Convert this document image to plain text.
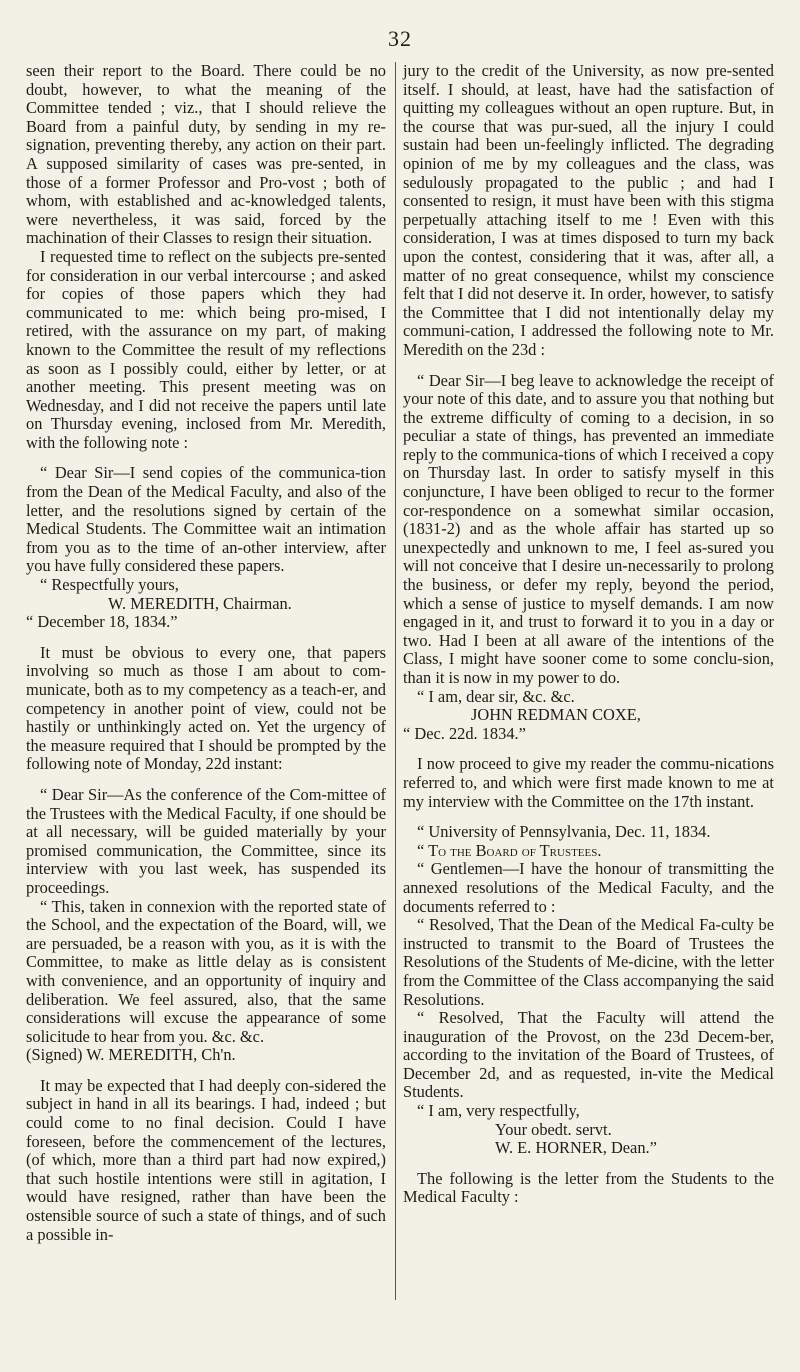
32

seen their report to the Board. There could be no doubt, however, to what the meaning of the Committee tended ; viz., that I should relieve the Board from a painful duty, by sending in my re-signation, preventing thereby, any action on their part. A supposed similarity of cases was pre-sented, in those of a former Professor and Pro-vost ; both of whom, with established and ac-knowledged talents, were nevertheless, it was said, forced by the machination of their Classes to resign their situation.

I requested time to reflect on the subjects pre-sented for consideration in our verbal intercourse ; and asked for copies of those papers which they had communicated to me: which being pro-mised, I retired, with the assurance on my part, of making known to the Committee the result of my reflections as soon as I possibly could, either by letter, or at another meeting. This present meeting was on Wednesday, and I did not receive the papers until late on Thursday evening, inclosed from Mr. Meredith, with the following note :

“ Dear Sir—I send copies of the communica-tion from the Dean of the Medical Faculty, and also of the letter, and the resolutions signed by certain of the Medical Students. The Committee wait an intimation from you as to the time of an-other interview, after you have fully considered these papers.

“ Respectfully yours,

W. MEREDITH, Chairman.

“ December 18, 1834.”

It must be obvious to every one, that papers involving so much as those I am about to com-municate, both as to my competency as a teach-er, and competency in another point of view, could not be hastily or unthinkingly acted on. Yet the urgency of the measure required that I should be prompted by the following note of Monday, 22d instant:

“ Dear Sir—As the conference of the Com-mittee of the Trustees with the Medical Faculty, if one should be at all necessary, will be guided materially by your promised communication, the Committee, since its interview with you last week, has suspended its proceedings.

“ This, taken in connexion with the reported state of the School, and the expectation of the Board, will, we are persuaded, be a reason with you, as it is with the Committee, to make as little delay as is consistent with convenience, and an opportunity of inquiry and deliberation. We feel assured, also, that the same considerations will excuse the appearance of some solicitude to hear from you. &c. &c.

(Signed) W. MEREDITH, Ch'n.

It may be expected that I had deeply con-sidered the subject in hand in all its bearings. I had, indeed ; but could come to no final decision. Could I have foreseen, before the commencement of the lectures, (of which, more than a third part had now expired,) that such hostile intentions were still in agitation, I would have resigned, rather than have been the ostensible source of such a state of things, and of such a possible in-

jury to the credit of the University, as now pre-sented itself. I should, at least, have had the satisfaction of quitting my colleagues without an open rupture. But, in the course that was pur-sued, all the injury I could sustain had been un-feelingly inflicted. The degrading opinion of me by my colleagues and the class, was sedulously propagated to the public ; and had I consented to resign, it must have been with this stigma perpetually attaching itself to me ! Even with this consideration, I was at times disposed to turn my back upon the contest, considering that it was, after all, a matter of no great consequence, whilst my conscience felt that I did not deserve it. In order, however, to satisfy the Committee that I did not intentionally delay my communi-cation, I addressed the following note to Mr. Meredith on the 23d :

“ Dear Sir—I beg leave to acknowledge the receipt of your note of this date, and to assure you that nothing but the extreme difficulty of coming to a decision, in so peculiar a state of things, has prevented an immediate reply to the communica-tions of which I received a copy on Thursday last. In order to satisfy myself in this conjuncture, I have been obliged to recur to the former cor-respondence on a somewhat similar occasion, (1831-2) and as the whole affair has started up so unexpectedly and unknown to me, I feel as-sured you will not conceive that I desire un-necessarily to prolong the business, or defer my reply, beyond the period, which a sense of justice to myself demands. I am now engaged in it, and trust to forward it to you in a day or two. Had I been at all aware of the intentions of the Class, I might have sooner come to some conclu-sion, than it is now in my power to do.

“ I am, dear sir, &c. &c.

JOHN REDMAN COXE,

“ Dec. 22d. 1834.”

I now proceed to give my reader the commu-nications referred to, and which were first made known to me at my interview with the Committee on the 17th instant.

“ University of Pennsylvania, Dec. 11, 1834.

“ To the Board of Trustees.

“ Gentlemen—I have the honour of transmitting the annexed resolutions of the Medical Faculty, and the documents referred to :

“ Resolved, That the Dean of the Medical Fa-culty be instructed to transmit to the Board of Trustees the Resolutions of the Students of Me-dicine, with the letter from the Committee of the Class accompanying the said Resolutions.

“ Resolved, That the Faculty will attend the inauguration of the Provost, on the 23d Decem-ber, according to the invitation of the Board of Trustees, of December 2d, and as requested, in-vite the Medical Students.

“ I am, very respectfully,

Your obedt. servt.

W. E. HORNER, Dean.”

The following is the letter from the Students to the Medical Faculty :
